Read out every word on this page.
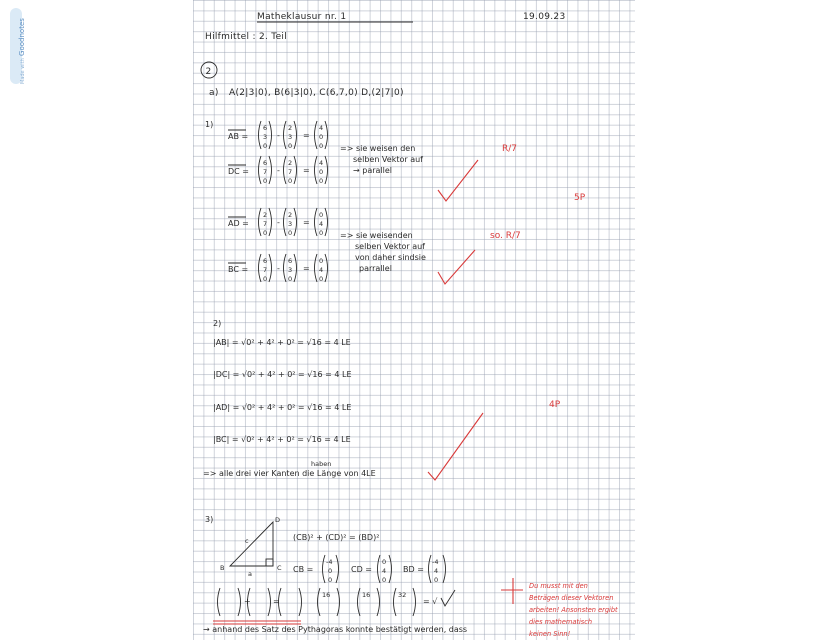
Made with Goodnotes
Matheklausur nr. 1	19.09.23
Hilfmittel : 2. Teil
2
a) A(2|3|0), B(6|3|0), C(6,7,0) D,(2|7|0)
1)
AB =
6
3
0
-
2
3
0
=
4
0
0
DC =
6
7
0
-
2
7
0
=
4
0
0
=> sie weisen den
selben Vektor auf
→ parallel
R/7
5P
AD =
2
7
0
-
2
3
0
=
0
4
0
BC =
6
7
0
-
6
3
0
=
0
4
0
=> sie weisenden
selben Vektor auf
von daher sindsie
parrallel
so. R/7
2)
|AB| = √0² + 4² + 0² = √16 = 4 LE
|DC| = √0² + 4² + 0² = √16 = 4 LE
|AD| = √0² + 4² + 0² = √16 = 4 LE
|BC| = √0² + 4² + 0² = √16 = 4 LE
=> alle drei vier Kanten die Länge von 4LE
haben
4P
3)	D
c
B
a
C
(CB)² + (CD)² = (BD)²
CB =
-4
0
0
CD =
0
4
0
BD =
-4
4
0
+	=
16	16	32
= √
→ anhand des Satz des Pythagoras konnte bestätigt werden, dass
Du musst mit den
Beträgen dieser Vektoren
arbeiten! Ansonsten ergibt
dies mathematisch
keinen Sinn!
